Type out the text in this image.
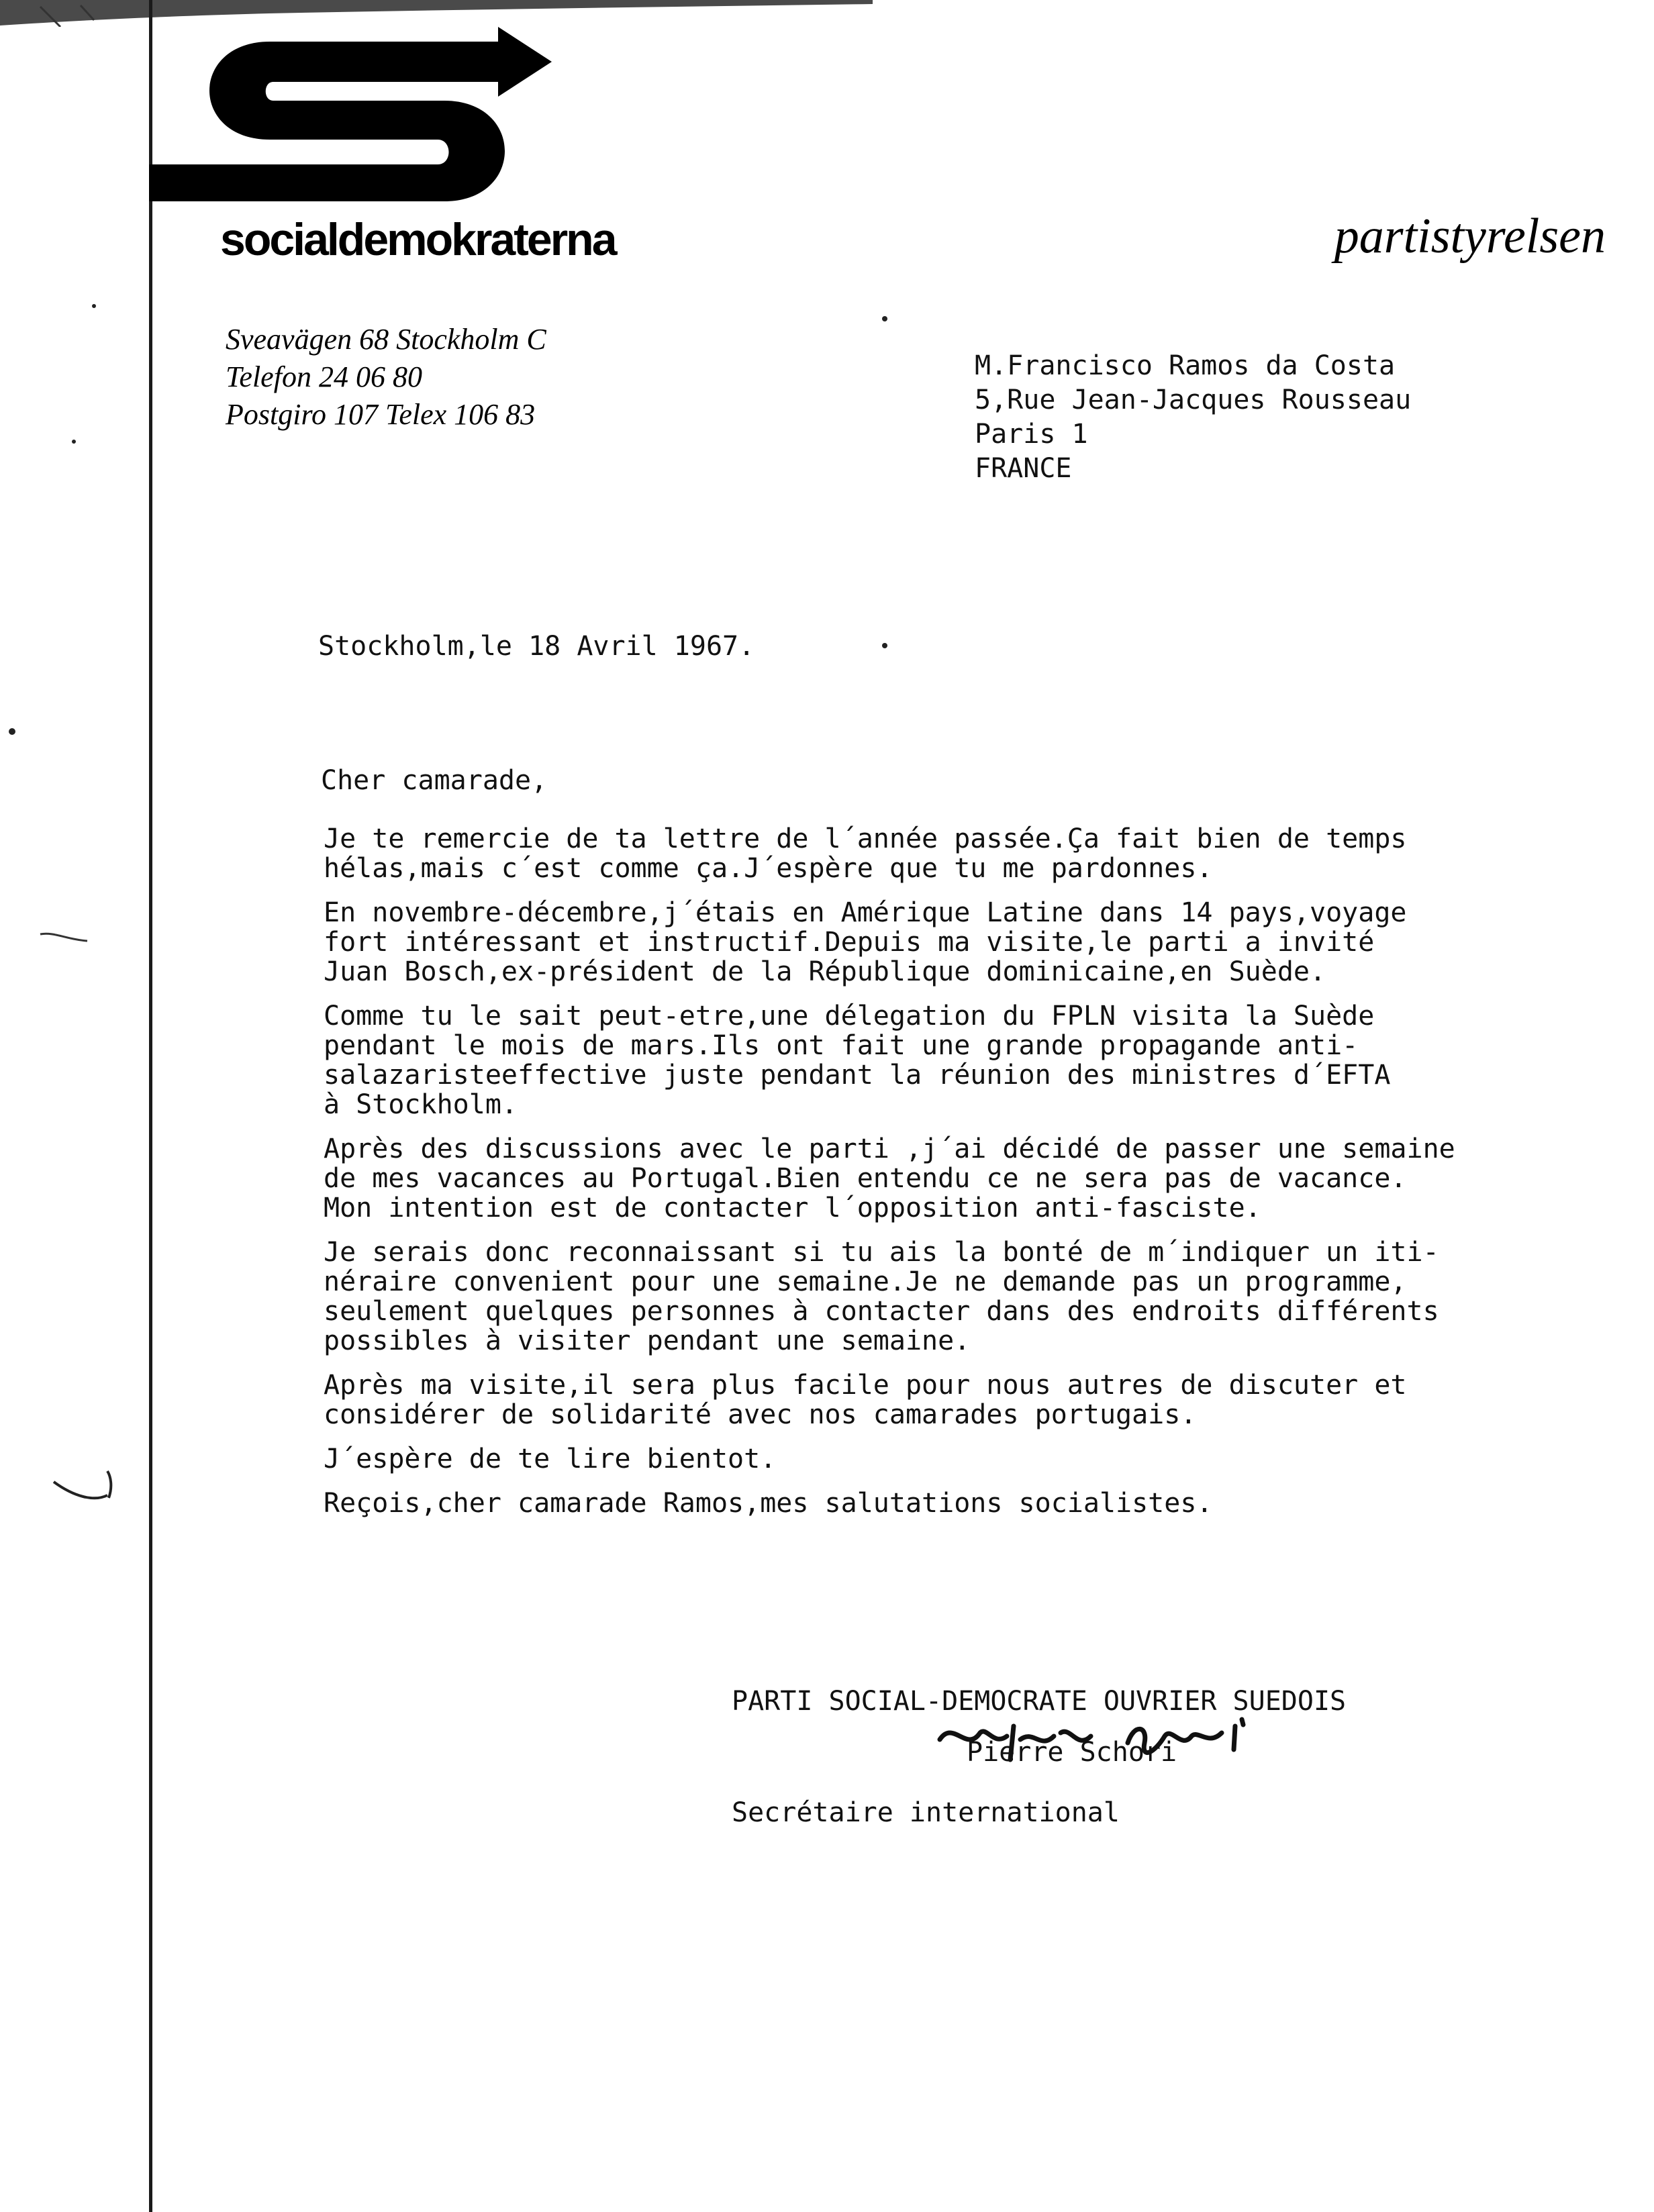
socialdemokraterna	partistyrelsen
Sveavägen 68 Stockholm C
Telefon 24 06 80
Postgiro 107 Telex 106 83
M.Francisco Ramos da Costa
5,Rue Jean-Jacques Rousseau
Paris 1
FRANCE
Stockholm,le 18 Avril 1967.
Cher camarade,
Je te remercie de ta lettre de l´année passée.Ça fait bien de temps
hélas,mais c´est comme ça.J´espère que tu me pardonnes.
En novembre-décembre,j´étais en Amérique Latine dans 14 pays,voyage
fort intéressant et instructif.Depuis ma visite,le parti a invité
Juan Bosch,ex-président de la République dominicaine,en Suède.
Comme tu le sait peut-etre,une délegation du FPLN visita la Suède
pendant le mois de mars.Ils ont fait une grande propagande anti-
salazaristeeffective juste pendant la réunion des ministres d´EFTA
à Stockholm.
Après des discussions avec le parti ,j´ai décidé de passer une semaine
de mes vacances au Portugal.Bien entendu ce ne sera pas de vacance.
Mon intention est de contacter l´opposition anti-fasciste.
Je serais donc reconnaissant si tu ais la bonté de m´indiquer un iti-
néraire convenient pour une semaine.Je ne demande pas un programme,
seulement quelques personnes à contacter dans des endroits différents
possibles à visiter pendant une semaine.
Après ma visite,il sera plus facile pour nous autres de discuter et
considérer de solidarité avec nos camarades portugais.
J´espère de te lire bientot.
Reçois,cher camarade Ramos,mes salutations socialistes.
PARTI SOCIAL-DEMOCRATE OUVRIER SUEDOIS
Pierre Schori
Secrétaire international
